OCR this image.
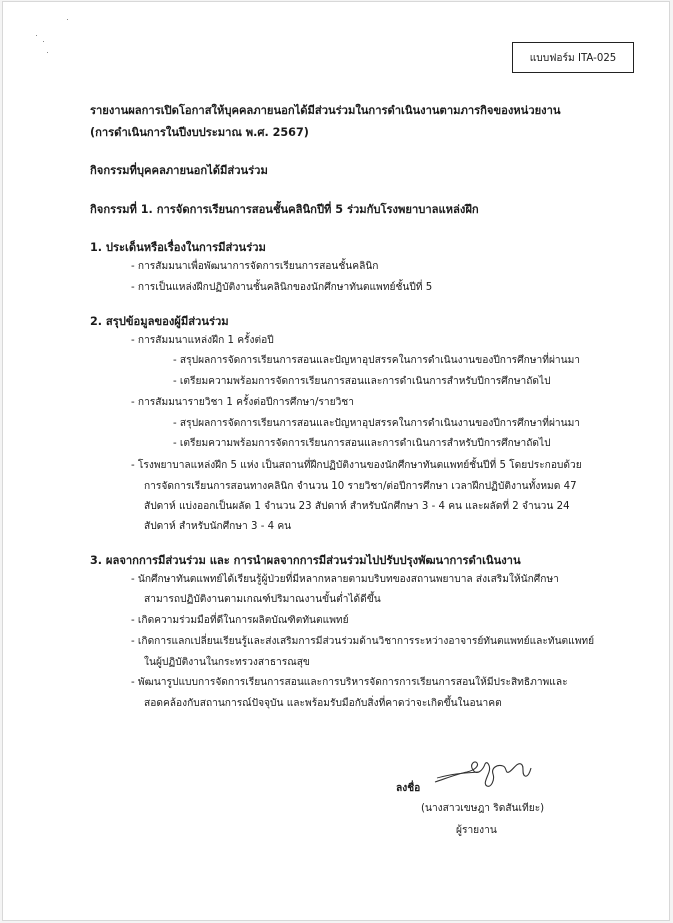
แบบฟอร์ม ITA-025
รายงานผลการเปิดโอกาสให้บุคคลภายนอกได้มีส่วนร่วมในการดำเนินงานตามภารกิจของหน่วยงาน
(การดำเนินการในปีงบประมาณ พ.ศ. 2567)
กิจกรรมที่บุคคลภายนอกได้มีส่วนร่วม
กิจกรรมที่ 1. การจัดการเรียนการสอนชั้นคลินิกปีที่ 5 ร่วมกับโรงพยาบาลแหล่งฝึก
1. ประเด็นหรือเรื่องในการมีส่วนร่วม
- การสัมมนาเพื่อพัฒนาการจัดการเรียนการสอนชั้นคลินิก
- การเป็นแหล่งฝึกปฏิบัติงานชั้นคลินิกของนักศึกษาทันตแพทย์ชั้นปีที่ 5
2. สรุปข้อมูลของผู้มีส่วนร่วม
- การสัมมนาแหล่งฝึก 1 ครั้งต่อปี
- สรุปผลการจัดการเรียนการสอนและปัญหาอุปสรรคในการดำเนินงานของปีการศึกษาที่ผ่านมา
- เตรียมความพร้อมการจัดการเรียนการสอนและการดำเนินการสำหรับปีการศึกษาถัดไป
- การสัมมนารายวิชา 1 ครั้งต่อปีการศึกษา/รายวิชา
- สรุปผลการจัดการเรียนการสอนและปัญหาอุปสรรคในการดำเนินงานของปีการศึกษาที่ผ่านมา
- เตรียมความพร้อมการจัดการเรียนการสอนและการดำเนินการสำหรับปีการศึกษาถัดไป
- โรงพยาบาลแหล่งฝึก 5 แห่ง เป็นสถานที่ฝึกปฏิบัติงานของนักศึกษาทันตแพทย์ชั้นปีที่ 5 โดยประกอบด้วย
การจัดการเรียนการสอนทางคลินิก จำนวน 10 รายวิชา/ต่อปีการศึกษา เวลาฝึกปฏิบัติงานทั้งหมด 47
สัปดาห์ แบ่งออกเป็นผลัด 1 จำนวน 23 สัปดาห์ สำหรับนักศึกษา 3 - 4 คน และผลัดที่ 2 จำนวน 24
สัปดาห์ สำหรับนักศึกษา 3 - 4 คน
3. ผลจากการมีส่วนร่วม และ การนำผลจากการมีส่วนร่วมไปปรับปรุงพัฒนาการดำเนินงาน
- นักศึกษาทันตแพทย์ได้เรียนรู้ผู้ป่วยที่มีหลากหลายตามบริบทของสถานพยาบาล ส่งเสริมให้นักศึกษา
สามารถปฏิบัติงานตามเกณฑ์ปริมาณงานขั้นต่ำได้ดีขึ้น
- เกิดความร่วมมือที่ดีในการผลิตบัณฑิตทันตแพทย์
- เกิดการแลกเปลี่ยนเรียนรู้และส่งเสริมการมีส่วนร่วมด้านวิชาการระหว่างอาจารย์ทันตแพทย์และทันตแพทย์
ในผู้ปฏิบัติงานในกระทรวงสาธารณสุข
- พัฒนารูปแบบการจัดการเรียนการสอนและการบริหารจัดการการเรียนการสอนให้มีประสิทธิภาพและ
สอดคล้องกับสถานการณ์ปัจจุบัน และพร้อมรับมือกับสิ่งที่คาดว่าจะเกิดขึ้นในอนาคต
ลงชื่อ
(นางสาวเขษฎา ริดสันเทียะ)
ผู้รายงาน
